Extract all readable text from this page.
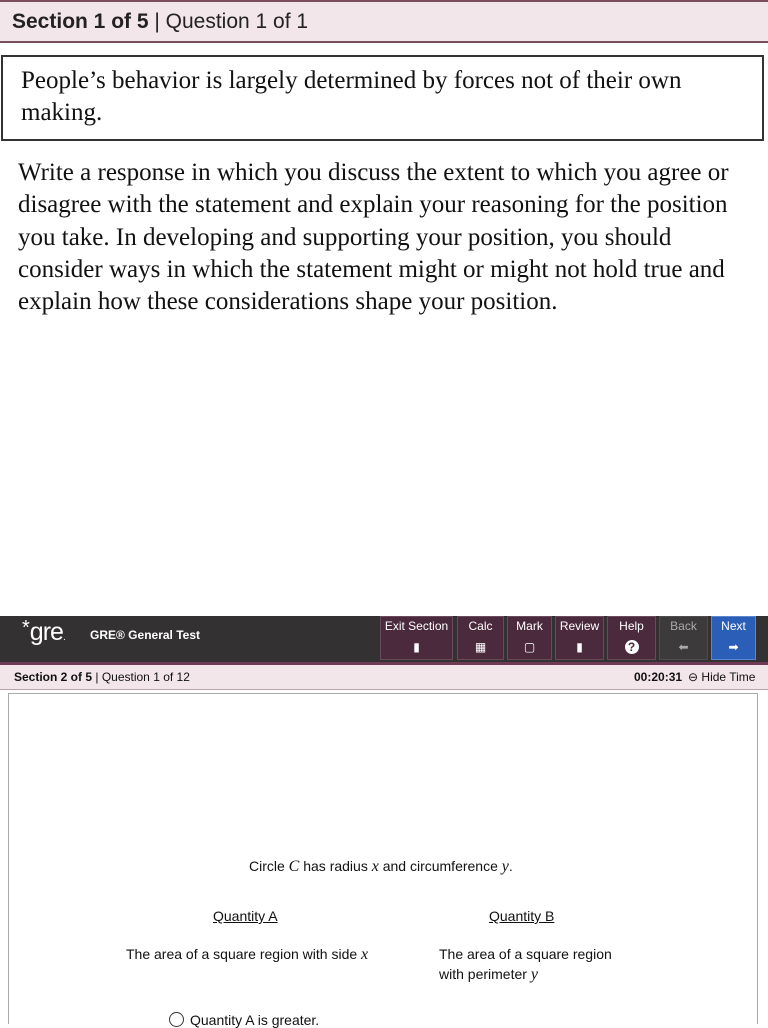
Section 1 of 5 | Question 1 of 1

People’s behavior is largely determined by forces not of their own making.

Write a response in which you discuss the extent to which you agree or disagree with the statement and explain your reasoning for the position you take. In developing and supporting your position, you should consider ways in which the statement might or might not hold true and explain how these considerations shape your position.

*gre. GRE® General Test
Exit Section
▮
Calc
▦
Mark
▢
Review
▮
Help
?
Back
⬅
Next
➡
Section 2 of 5 | Question 1 of 12	00:20:31 ⊖ Hide Time
Circle C has radius x and circumference y.
Quantity A	Quantity B
The area of a square region with side x	The area of a square region
with perimeter y
Quantity A is greater.
